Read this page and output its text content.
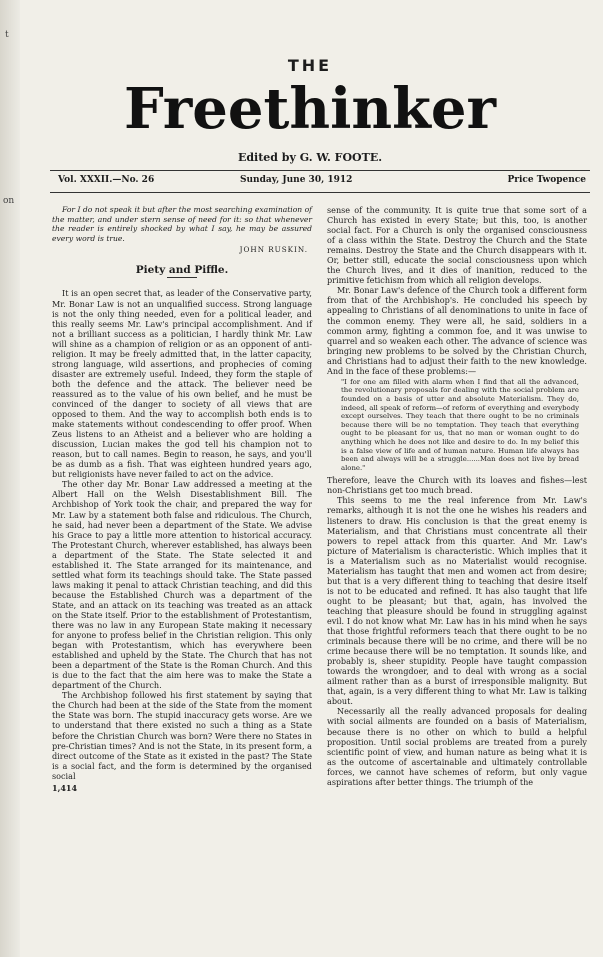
t
on
THE
Freethinker
Edited by G. W. FOOTE.
Vol. XXXII.—No. 26	Sunday, June 30, 1912	Price Twopence

For I do not speak it but after the most searching examination of the matter, and under stern sense of need for it: so that whenever the reader is entirely shocked by what I say, he may be assured every word is true.

JOHN RUSKIN.
Piety and Piffle.

It is an open secret that, as leader of the Conservative party, Mr. Bonar Law is not an unqualified success. Strong language is not the only thing needed, even for a political leader, and this really seems Mr. Law's principal accomplishment. And if not a brilliant success as a politician, I hardly think Mr. Law will shine as a champion of religion or as an opponent of anti-religion. It may be freely admitted that, in the latter capacity, strong language, wild assertions, and prophecies of coming disaster are extremely useful. Indeed, they form the staple of both the defence and the attack. The believer need be reassured as to the value of his own belief, and he must be convinced of the danger to society of all views that are opposed to them. And the way to accomplish both ends is to make statements without condescending to offer proof. When Zeus listens to an Atheist and a believer who are holding a discussion, Lucian makes the god tell his champion not to reason, but to call names. Begin to reason, he says, and you'll be as dumb as a fish. That was eighteen hundred years ago, but religionists have never failed to act on the advice.

The other day Mr. Bonar Law addressed a meeting at the Albert Hall on the Welsh Disestablishment Bill. The Archbishop of York took the chair, and prepared the way for Mr. Law by a statement both false and ridiculous. The Church, he said, had never been a department of the State. We advise his Grace to pay a little more attention to historical accuracy. The Protestant Church, wherever established, has always been a department of the State. The State selected it and established it. The State arranged for its maintenance, and settled what form its teachings should take. The State passed laws making it penal to attack Christian teaching, and did this because the Established Church was a department of the State, and an attack on its teaching was treated as an attack on the State itself. Prior to the establishment of Protestantism, there was no law in any European State making it necessary for anyone to profess belief in the Christian religion. This only began with Protestantism, which has everywhere been established and upheld by the State. The Church that has not been a department of the State is the Roman Church. And this is due to the fact that the aim here was to make the State a department of the Church.

The Archbishop followed his first statement by saying that the Church had been at the side of the State from the moment the State was born. The stupid inaccuracy gets worse. Are we to understand that there existed no such a thing as a State before the Christian Church was born? Were there no States in pre-Christian times? And is not the State, in its present form, a direct outcome of the State as it existed in the past? The State is a social fact, and the form is determined by the organised social

1,414

sense of the community. It is quite true that some sort of a Church has existed in every State; but this, too, is another social fact. For a Church is only the organised consciousness of a class within the State. Destroy the Church and the State remains. Destroy the State and the Church disappears with it. Or, better still, educate the social consciousness upon which the Church lives, and it dies of inanition, reduced to the primitive fetichism from which all religion develops.

Mr. Bonar Law's defence of the Church took a different form from that of the Archbishop's. He concluded his speech by appealing to Christians of all denominations to unite in face of the common enemy. They were all, he said, soldiers in a common army, fighting a common foe, and it was unwise to quarrel and so weaken each other. The advance of science was bringing new problems to be solved by the Christian Church, and Christians had to adjust their faith to the new knowledge. And in the face of these problems:—

"I for one am filled with alarm when I find that all the advanced, the revolutionary proposals for dealing with the social problem are founded on a basis of utter and absolute Materialism. They do, indeed, all speak of reform—of reform of everything and everybody except ourselves. They teach that there ought to be no criminals because there will be no temptation. They teach that everything ought to be pleasant for us, that no man or woman ought to do anything which he does not like and desire to do. In my belief this is a false view of life and of human nature. Human life always has been and always will be a struggle......Man does not live by bread alone."

Therefore, leave the Church with its loaves and fishes—lest non-Christians get too much bread.

This seems to me the real inference from Mr. Law's remarks, although it is not the one he wishes his readers and listeners to draw. His conclusion is that the great enemy is Materialism, and that Christians must concentrate all their powers to repel attack from this quarter. And Mr. Law's picture of Materialism is characteristic. Which implies that it is a Materialism such as no Materialist would recognise. Materialism has taught that men and women act from desire; but that is a very different thing to teaching that desire itself is not to be educated and refined. It has also taught that life ought to be pleasant; but that, again, has involved the teaching that pleasure should be found in struggling against evil. I do not know what Mr. Law has in his mind when he says that those frightful reformers teach that there ought to be no criminals because there will be no crime, and there will be no crime because there will be no temptation. It sounds like, and probably is, sheer stupidity. People have taught compassion towards the wrongdoer, and to deal with wrong as a social ailment rather than as a burst of irresponsible malignity. But that, again, is a very different thing to what Mr. Law is talking about.

Necessarily all the really advanced proposals for dealing with social ailments are founded on a basis of Materialism, because there is no other on which to build a helpful proposition. Until social problems are treated from a purely scientific point of view, and human nature as being what it is as the outcome of ascertainable and ultimately controllable forces, we cannot have schemes of reform, but only vague aspirations after better things. The triumph of the
